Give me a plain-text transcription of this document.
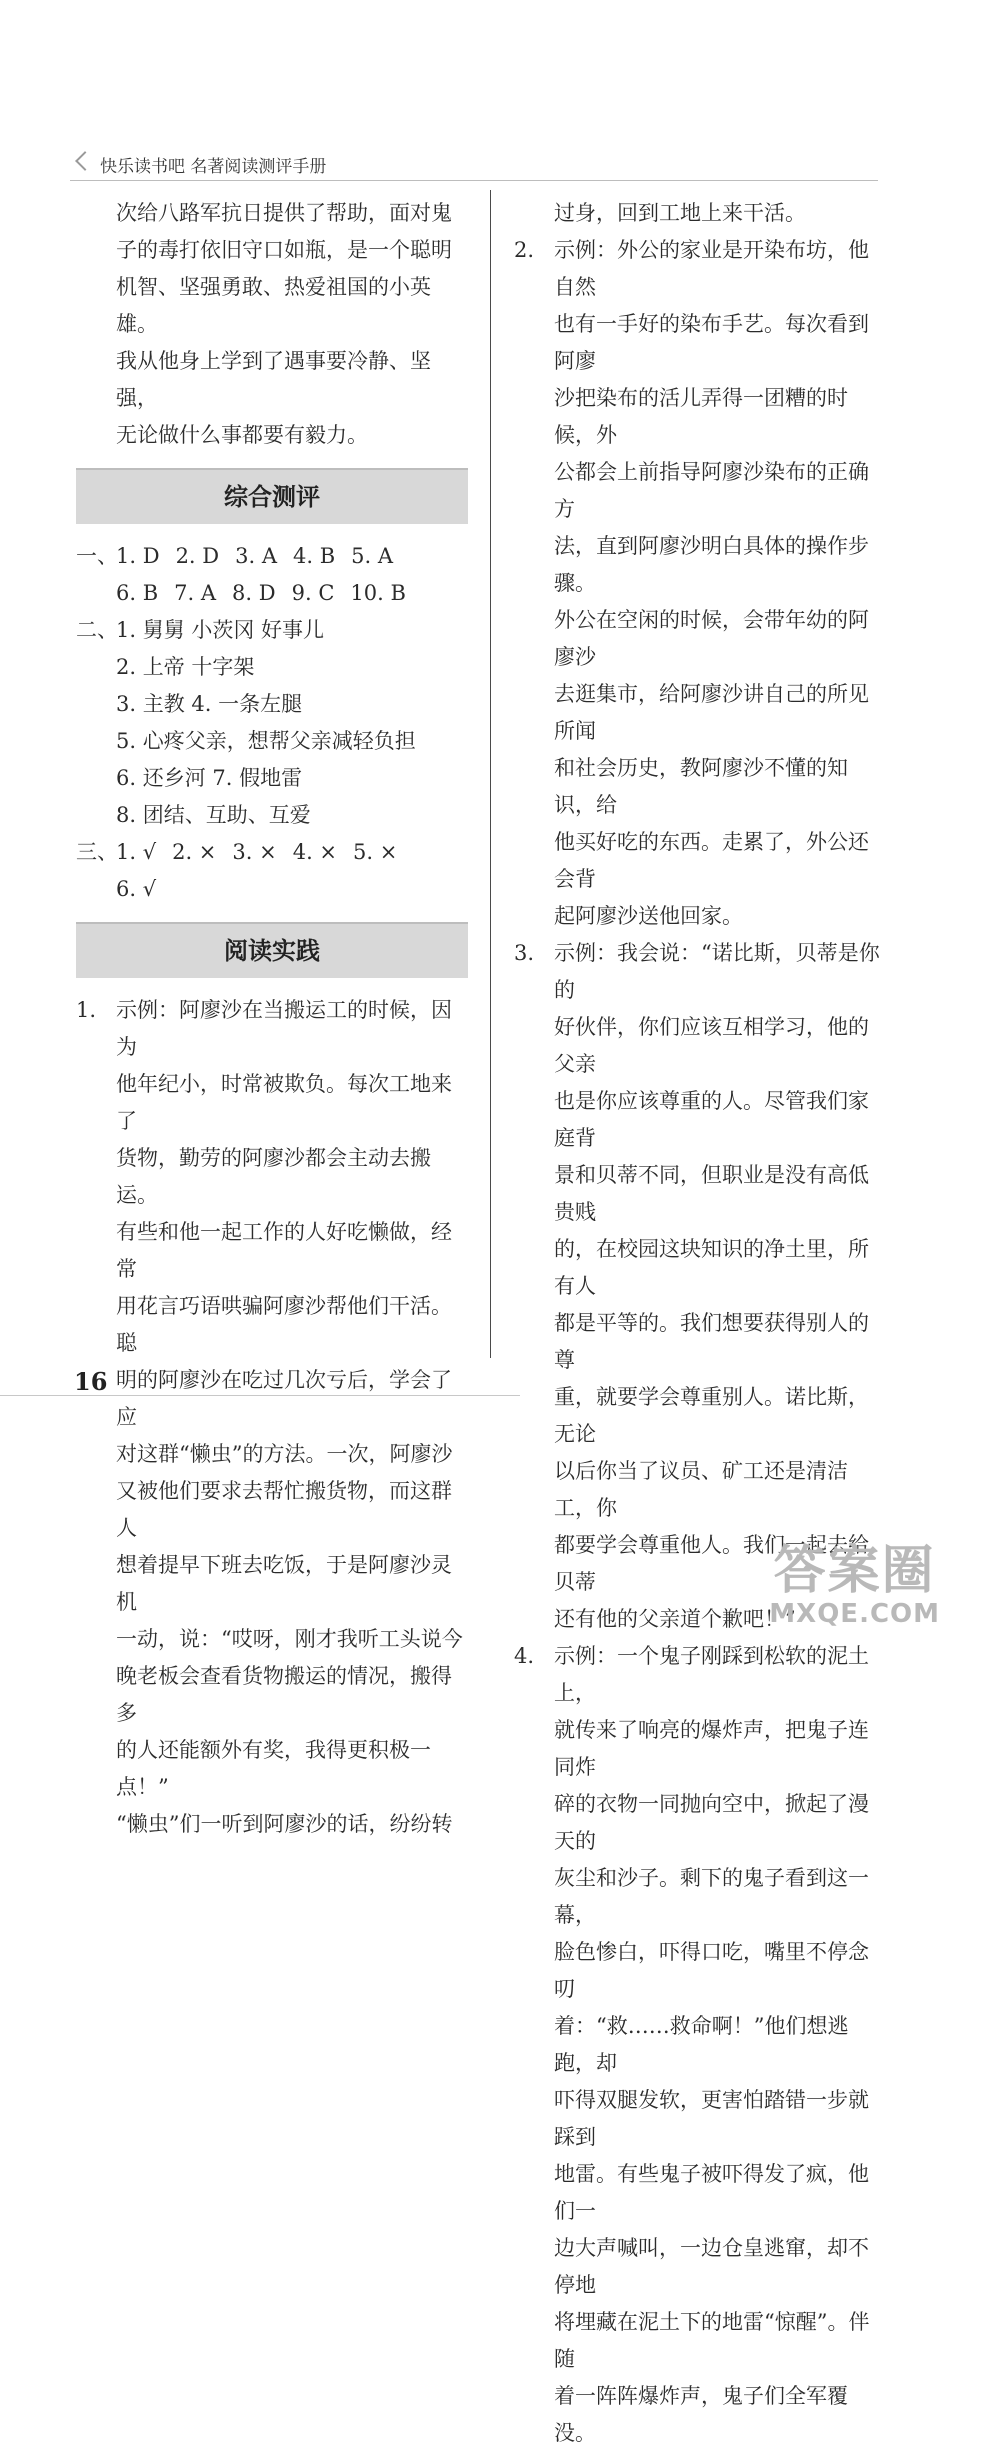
快乐读书吧 名著阅读测评手册

次给八路军抗日提供了帮助，面对鬼

子的毒打依旧守口如瓶，是一个聪明

机智、坚强勇敢、热爱祖国的小英雄。

我从他身上学到了遇事要冷静、坚强，

无论做什么事都要有毅力。

综合测评
一、
1. D 2. D 3. A 4. B 5. A
6. B 7. A 8. D 9. C 10. B
二、
1. 舅舅 小茨冈 好事儿
2. 上帝 十字架
3. 主教 4. 一条左腿
5. 心疼父亲，想帮父亲减轻负担
6. 还乡河 7. 假地雷
8. 团结、互助、互爱
三、
1. √ 2. × 3. × 4. × 5. ×
6. √
阅读实践
1. 示例：阿廖沙在当搬运工的时候，因为

他年纪小，时常被欺负。每次工地来了

货物，勤劳的阿廖沙都会主动去搬运。

有些和他一起工作的人好吃懒做，经常

用花言巧语哄骗阿廖沙帮他们干活。聪

明的阿廖沙在吃过几次亏后，学会了应

对这群“懒虫”的方法。一次，阿廖沙

又被他们要求去帮忙搬货物，而这群人

想着提早下班去吃饭，于是阿廖沙灵机

一动，说：“哎呀，刚才我听工头说今

晚老板会查看货物搬运的情况，搬得多

的人还能额外有奖，我得更积极一点！”

“懒虫”们一听到阿廖沙的话，纷纷转

过身，回到工地上来干活。

2. 示例：外公的家业是开染布坊，他自然

也有一手好的染布手艺。每次看到阿廖

沙把染布的活儿弄得一团糟的时候，外

公都会上前指导阿廖沙染布的正确方

法，直到阿廖沙明白具体的操作步骤。

外公在空闲的时候，会带年幼的阿廖沙

去逛集市，给阿廖沙讲自己的所见所闻

和社会历史，教阿廖沙不懂的知识，给

他买好吃的东西。走累了，外公还会背

起阿廖沙送他回家。

3. 示例：我会说：“诺比斯，贝蒂是你的

好伙伴，你们应该互相学习，他的父亲

也是你应该尊重的人。尽管我们家庭背

景和贝蒂不同，但职业是没有高低贵贱

的，在校园这块知识的净土里，所有人

都是平等的。我们想要获得别人的尊

重，就要学会尊重别人。诺比斯，无论

以后你当了议员、矿工还是清洁工，你

都要学会尊重他人。我们一起去给贝蒂

还有他的父亲道个歉吧！”

4. 示例：一个鬼子刚踩到松软的泥土上，

就传来了响亮的爆炸声，把鬼子连同炸

碎的衣物一同抛向空中，掀起了漫天的

灰尘和沙子。剩下的鬼子看到这一幕，

脸色惨白，吓得口吃，嘴里不停念叨

着：“救……救命啊！”他们想逃跑，却

吓得双腿发软，更害怕踏错一步就踩到

地雷。有些鬼子被吓得发了疯，他们一

边大声喊叫，一边仓皇逃窜，却不停地

将埋藏在泥土下的地雷“惊醒”。伴随

着一阵阵爆炸声，鬼子们全军覆没。

16
答案圈
MXQE.COM
